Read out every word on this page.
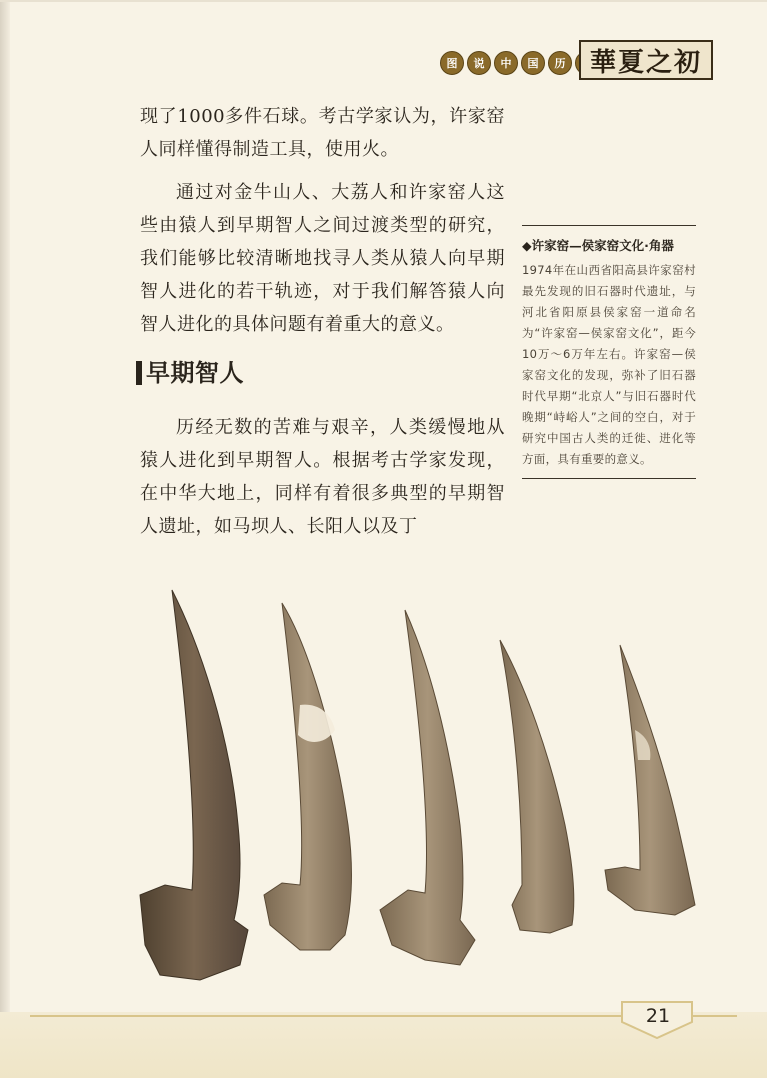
图	说	中	国	历 華夏之初

现了1000多件石球。考古学家认为，许家窑人同样懂得制造工具，使用火。

通过对金牛山人、大荔人和许家窑人这些由猿人到早期智人之间过渡类型的研究，我们能够比较清晰地找寻人类从猿人向早期智人进化的若干轨迹，对于我们解答猿人向智人进化的具体问题有着重大的意义。

早期智人

历经无数的苦难与艰辛，人类缓慢地从猿人进化到早期智人。根据考古学家发现，在中华大地上，同样有着很多典型的早期智人遗址，如马坝人、长阳人以及丁

◆许家窑—侯家窑文化·角器
1974年在山西省阳高县许家窑村最先发现的旧石器时代遗址，与河北省阳原县侯家窑一道命名为“许家窑—侯家窑文化”，距今10万～6万年左右。许家窑—侯家窑文化的发现，弥补了旧石器时代早期“北京人”与旧石器时代晚期“峙峪人”之间的空白，对于研究中国古人类的迁徙、进化等方面，具有重要的意义。
21
